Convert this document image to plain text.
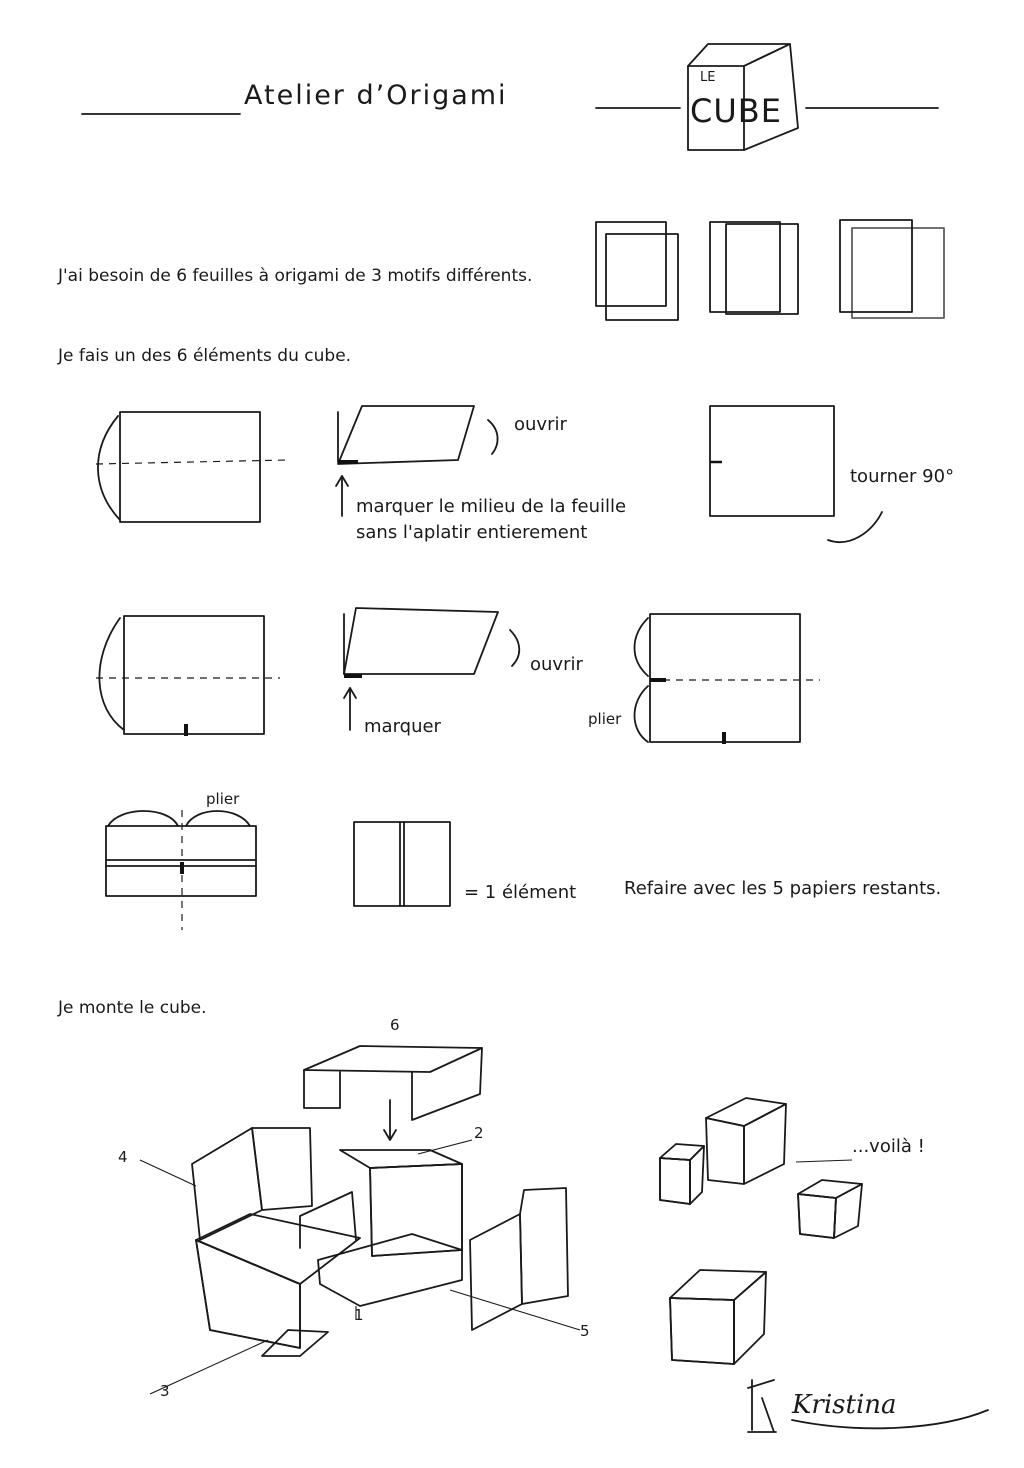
Atelier d’Origami
LE
CUBE
J'ai besoin de 6 feuilles à origami de 3 motifs différents.
Je fais un des 6 éléments du cube.
ouvrir
marquer le milieu de la feuille
sans l'aplatir entierement
tourner 90°
ouvrir
marquer	plier
plier
= 1 élément	Refaire avec les 5 papiers restants.
Je monte le cube.
1
2
3
4
5
6
...voilà !
Kristina
